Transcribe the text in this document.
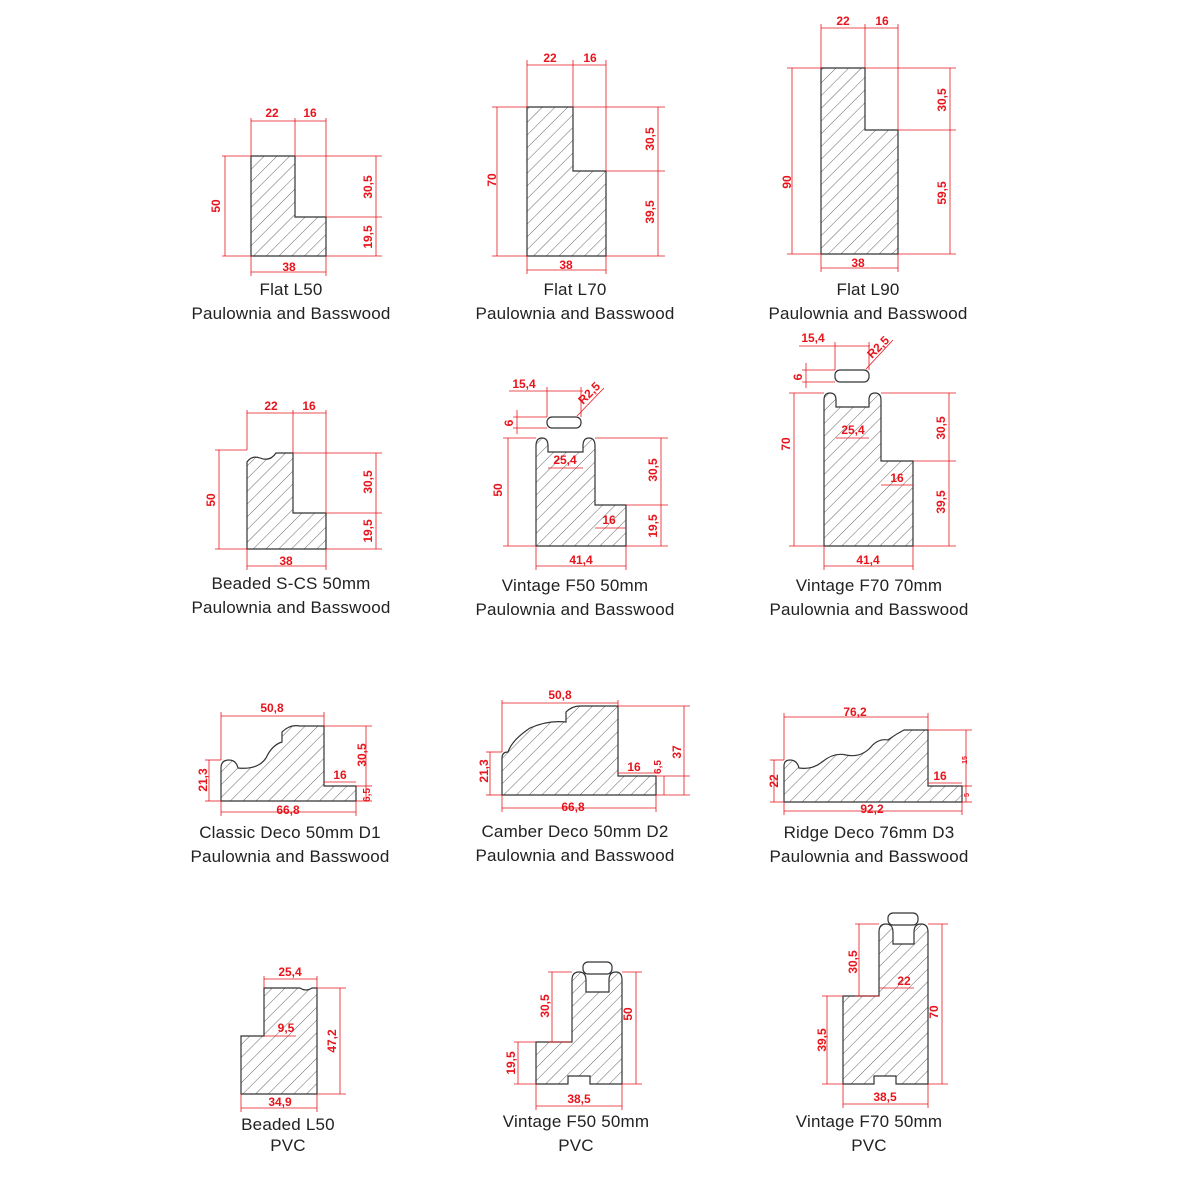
22 16
50
30,5
19,5
38
22 16
70
30,5
39,5
38
22 16
90
30,5
59,5
38
22 16
50
30,5
19,5
38
15,4	R2,5
6
25,4
50
30,5
19,5
16
41,4
15,4	R2,5
6
25,4
70
30,5
39,5
16
41,4
50,8
21,3
30,5
16
6,5
66,8
50,8
21,3
37
16 6,5
66,8
76,2
22
15
16
5
92,2
25,4
9,5
47,2
34,9
30,5
19,5
50
38,5
30,5
22
39,5
70
38,5
Flat L50
Paulownia and Basswood
Flat L70
Paulownia and Basswood
Flat L90
Paulownia and Basswood
Beaded S-CS 50mm
Paulownia and Basswood
Vintage F50 50mm
Paulownia and Basswood
Vintage F70 70mm
Paulownia and Basswood
Classic Deco 50mm D1
Paulownia and Basswood
Camber Deco 50mm D2
Paulownia and Basswood
Ridge Deco 76mm D3
Paulownia and Basswood
Beaded L50
PVC
Vintage F50 50mm
PVC
Vintage F70 50mm
PVC
